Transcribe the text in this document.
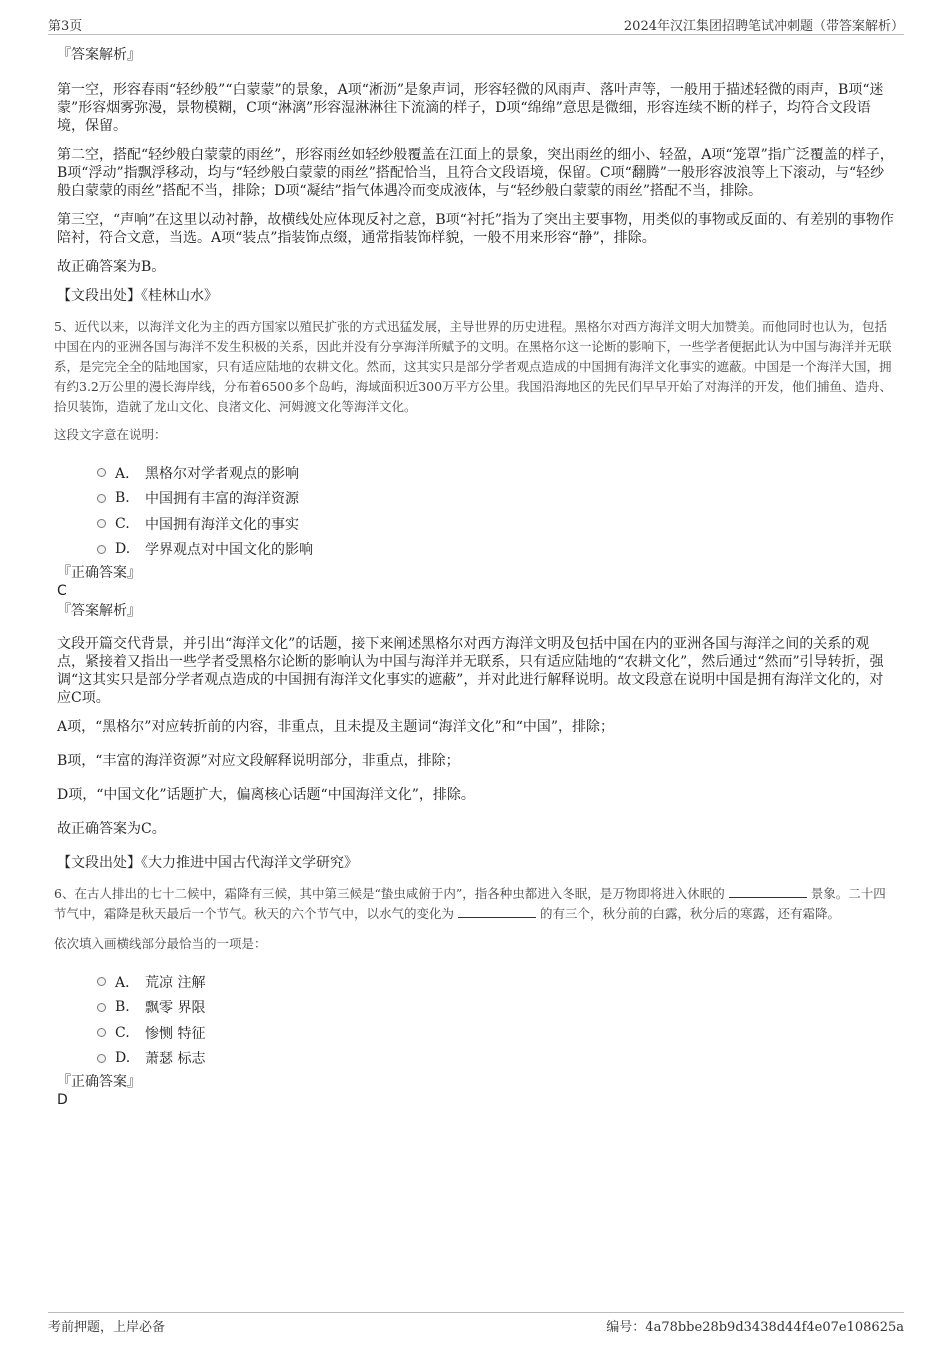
第3页	2024年汉江集团招聘笔试冲刺题（带答案解析）
『答案解析』

第一空，形容春雨“轻纱般”“白蒙蒙”的景象，A项“淅沥”是象声词，形容轻微的风雨声、落叶声等，一般用于描述轻微的雨声，B项“迷蒙”形容烟雾弥漫，景物模糊，C项“淋漓”形容湿淋淋往下流滴的样子，D项“绵绵”意思是微细，形容连续不断的样子，均符合文段语境，保留。

第二空，搭配“轻纱般白蒙蒙的雨丝”，形容雨丝如轻纱般覆盖在江面上的景象，突出雨丝的细小、轻盈，A项“笼罩”指广泛覆盖的样子，B项“浮动”指飘浮移动，均与“轻纱般白蒙蒙的雨丝”搭配恰当，且符合文段语境，保留。C项“翻腾”一般形容波浪等上下滚动，与“轻纱般白蒙蒙的雨丝”搭配不当，排除；D项“凝结”指气体遇冷而变成液体，与“轻纱般白蒙蒙的雨丝”搭配不当，排除。

第三空，“声响”在这里以动衬静，故横线处应体现反衬之意，B项“衬托”指为了突出主要事物，用类似的事物或反面的、有差别的事物作陪衬，符合文意，当选。A项“装点”指装饰点缀，通常指装饰样貌，一般不用来形容“静”，排除。

故正确答案为B。

【文段出处】《桂林山水》

5、近代以来，以海洋文化为主的西方国家以殖民扩张的方式迅猛发展，主导世界的历史进程。黑格尔对西方海洋文明大加赞美。而他同时也认为，包括中国在内的亚洲各国与海洋不发生积极的关系，因此并没有分享海洋所赋予的文明。在黑格尔这一论断的影响下，一些学者便据此认为中国与海洋并无联系，是完完全全的陆地国家，只有适应陆地的农耕文化。然而，这其实只是部分学者观点造成的中国拥有海洋文化事实的遮蔽。中国是一个海洋大国，拥有约3.2万公里的漫长海岸线，分布着6500多个岛屿，海域面积近300万平方公里。我国沿海地区的先民们早早开始了对海洋的开发，他们捕鱼、造舟、拾贝装饰，造就了龙山文化、良渚文化、河姆渡文化等海洋文化。

这段文字意在说明：
A． 黑格尔对学者观点的影响
B.	中国拥有丰富的海洋资源
C.	中国拥有海洋文化的事实
D.	学界观点对中国文化的影响
『正确答案』
C
『答案解析』

文段开篇交代背景，并引出“海洋文化”的话题，接下来阐述黑格尔对西方海洋文明及包括中国在内的亚洲各国与海洋之间的关系的观点，紧接着又指出一些学者受黑格尔论断的影响认为中国与海洋并无联系，只有适应陆地的“农耕文化”，然后通过“然而”引导转折，强调“这其实只是部分学者观点造成的中国拥有海洋文化事实的遮蔽”，并对此进行解释说明。故文段意在说明中国是拥有海洋文化的，对应C项。

A项，“黑格尔”对应转折前的内容，非重点，且未提及主题词“海洋文化”和“中国”，排除；

B项，“丰富的海洋资源”对应文段解释说明部分，非重点，排除；

D项，“中国文化”话题扩大，偏离核心话题“中国海洋文化”，排除。

故正确答案为C。

【文段出处】《大力推进中国古代海洋文学研究》

6、在古人排出的七十二候中，霜降有三候，其中第三候是“蛰虫咸俯于内”，指各种虫都进入冬眠，是万物即将进入休眠的	景象。二十四节气中，霜降是秋天最后一个节气。秋天的六个节气中，以水气的变化为	的有三个，秋分前的白露，秋分后的寒露，还有霜降。

依次填入画横线部分最恰当的一项是：
A． 荒凉 注解
B.	飘零 界限
C.	惨恻 特征
D.	萧瑟 标志
『正确答案』
D
考前押题，上岸必备	编号：4a78bbe28b9d3438d44f4e07e108625a
